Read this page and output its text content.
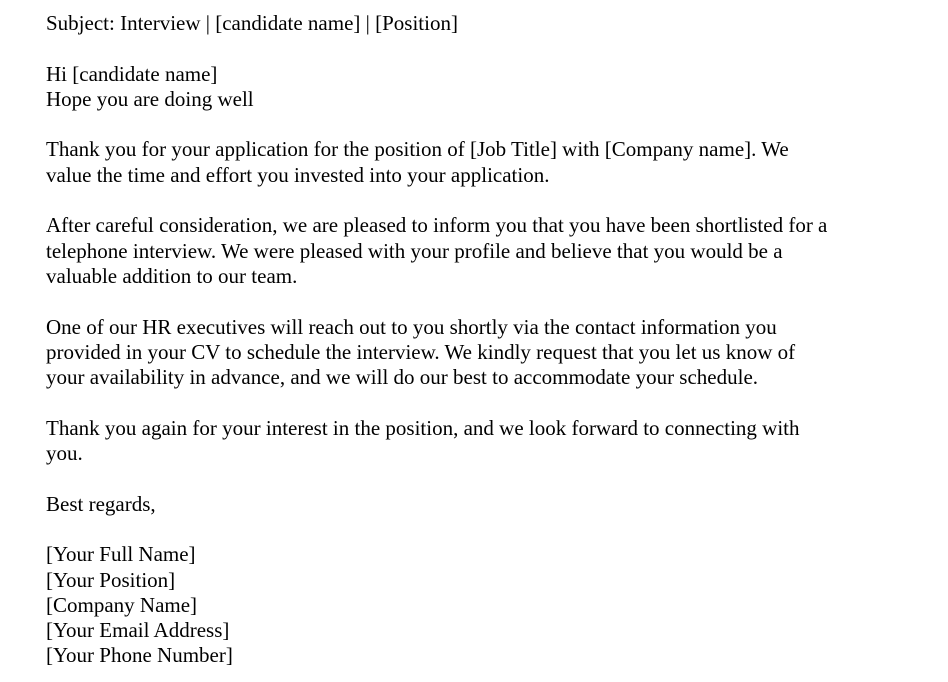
Subject: Interview | [candidate name] | [Position]
Hi [candidate name]
Hope you are doing well
Thank you for your application for the position of [Job Title] with [Company name]. We
value the time and effort you invested into your application.
After careful consideration, we are pleased to inform you that you have been shortlisted for a
telephone interview. We were pleased with your profile and believe that you would be a
valuable addition to our team.
One of our HR executives will reach out to you shortly via the contact information you
provided in your CV to schedule the interview. We kindly request that you let us know of
your availability in advance, and we will do our best to accommodate your schedule.
Thank you again for your interest in the position, and we look forward to connecting with
you.
Best regards,
[Your Full Name]
[Your Position]
[Company Name]
[Your Email Address]
[Your Phone Number]
